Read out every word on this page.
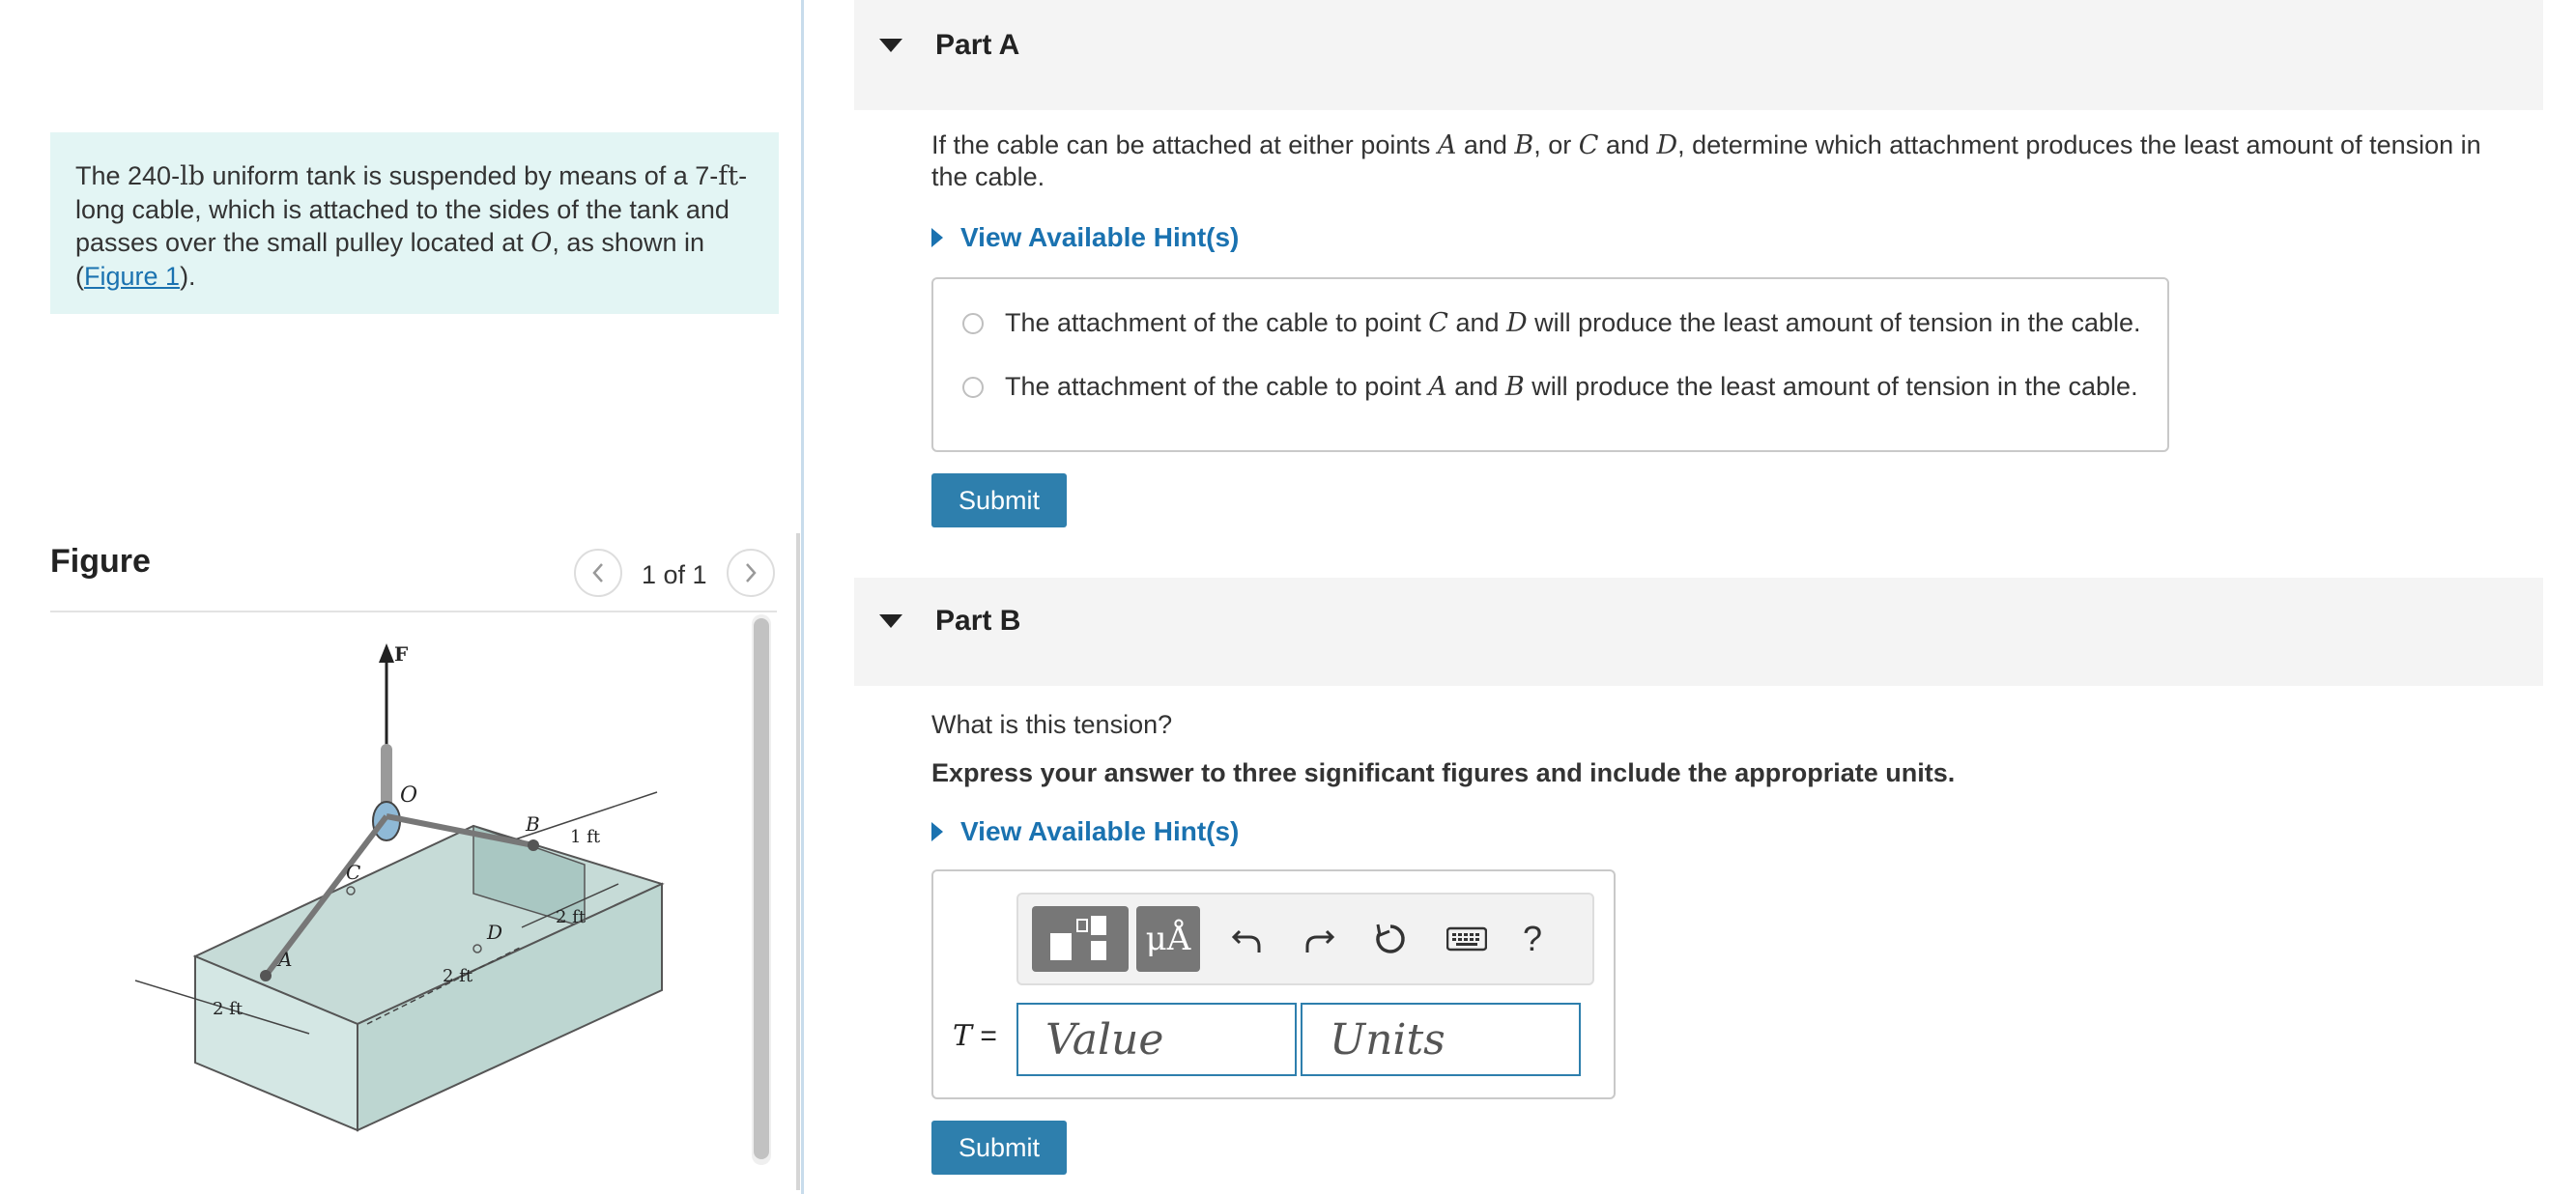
The 240-lb uniform tank is suspended by means of a 7-ft-long cable, which is attached to the sides of the tank and passes over the small pulley located at O, as shown in (Figure 1).
Figure	1 of 1
F
O
C
B
D
A
1 ft
2 ft
2 ft
2 ft
Part A
If the cable can be attached at either points A and B, or C and D, determine which attachment produces the least amount of tension in the cable.
View Available Hint(s)
The attachment of the cable to point C and D will produce the least amount of tension in the cable.
The attachment of the cable to point A and B will produce the least amount of tension in the cable.
Submit
Part B
What is this tension?
Express your answer to three significant figures and include the appropriate units.
View Available Hint(s)
μÅ	?
T =
Value
Units
Submit
